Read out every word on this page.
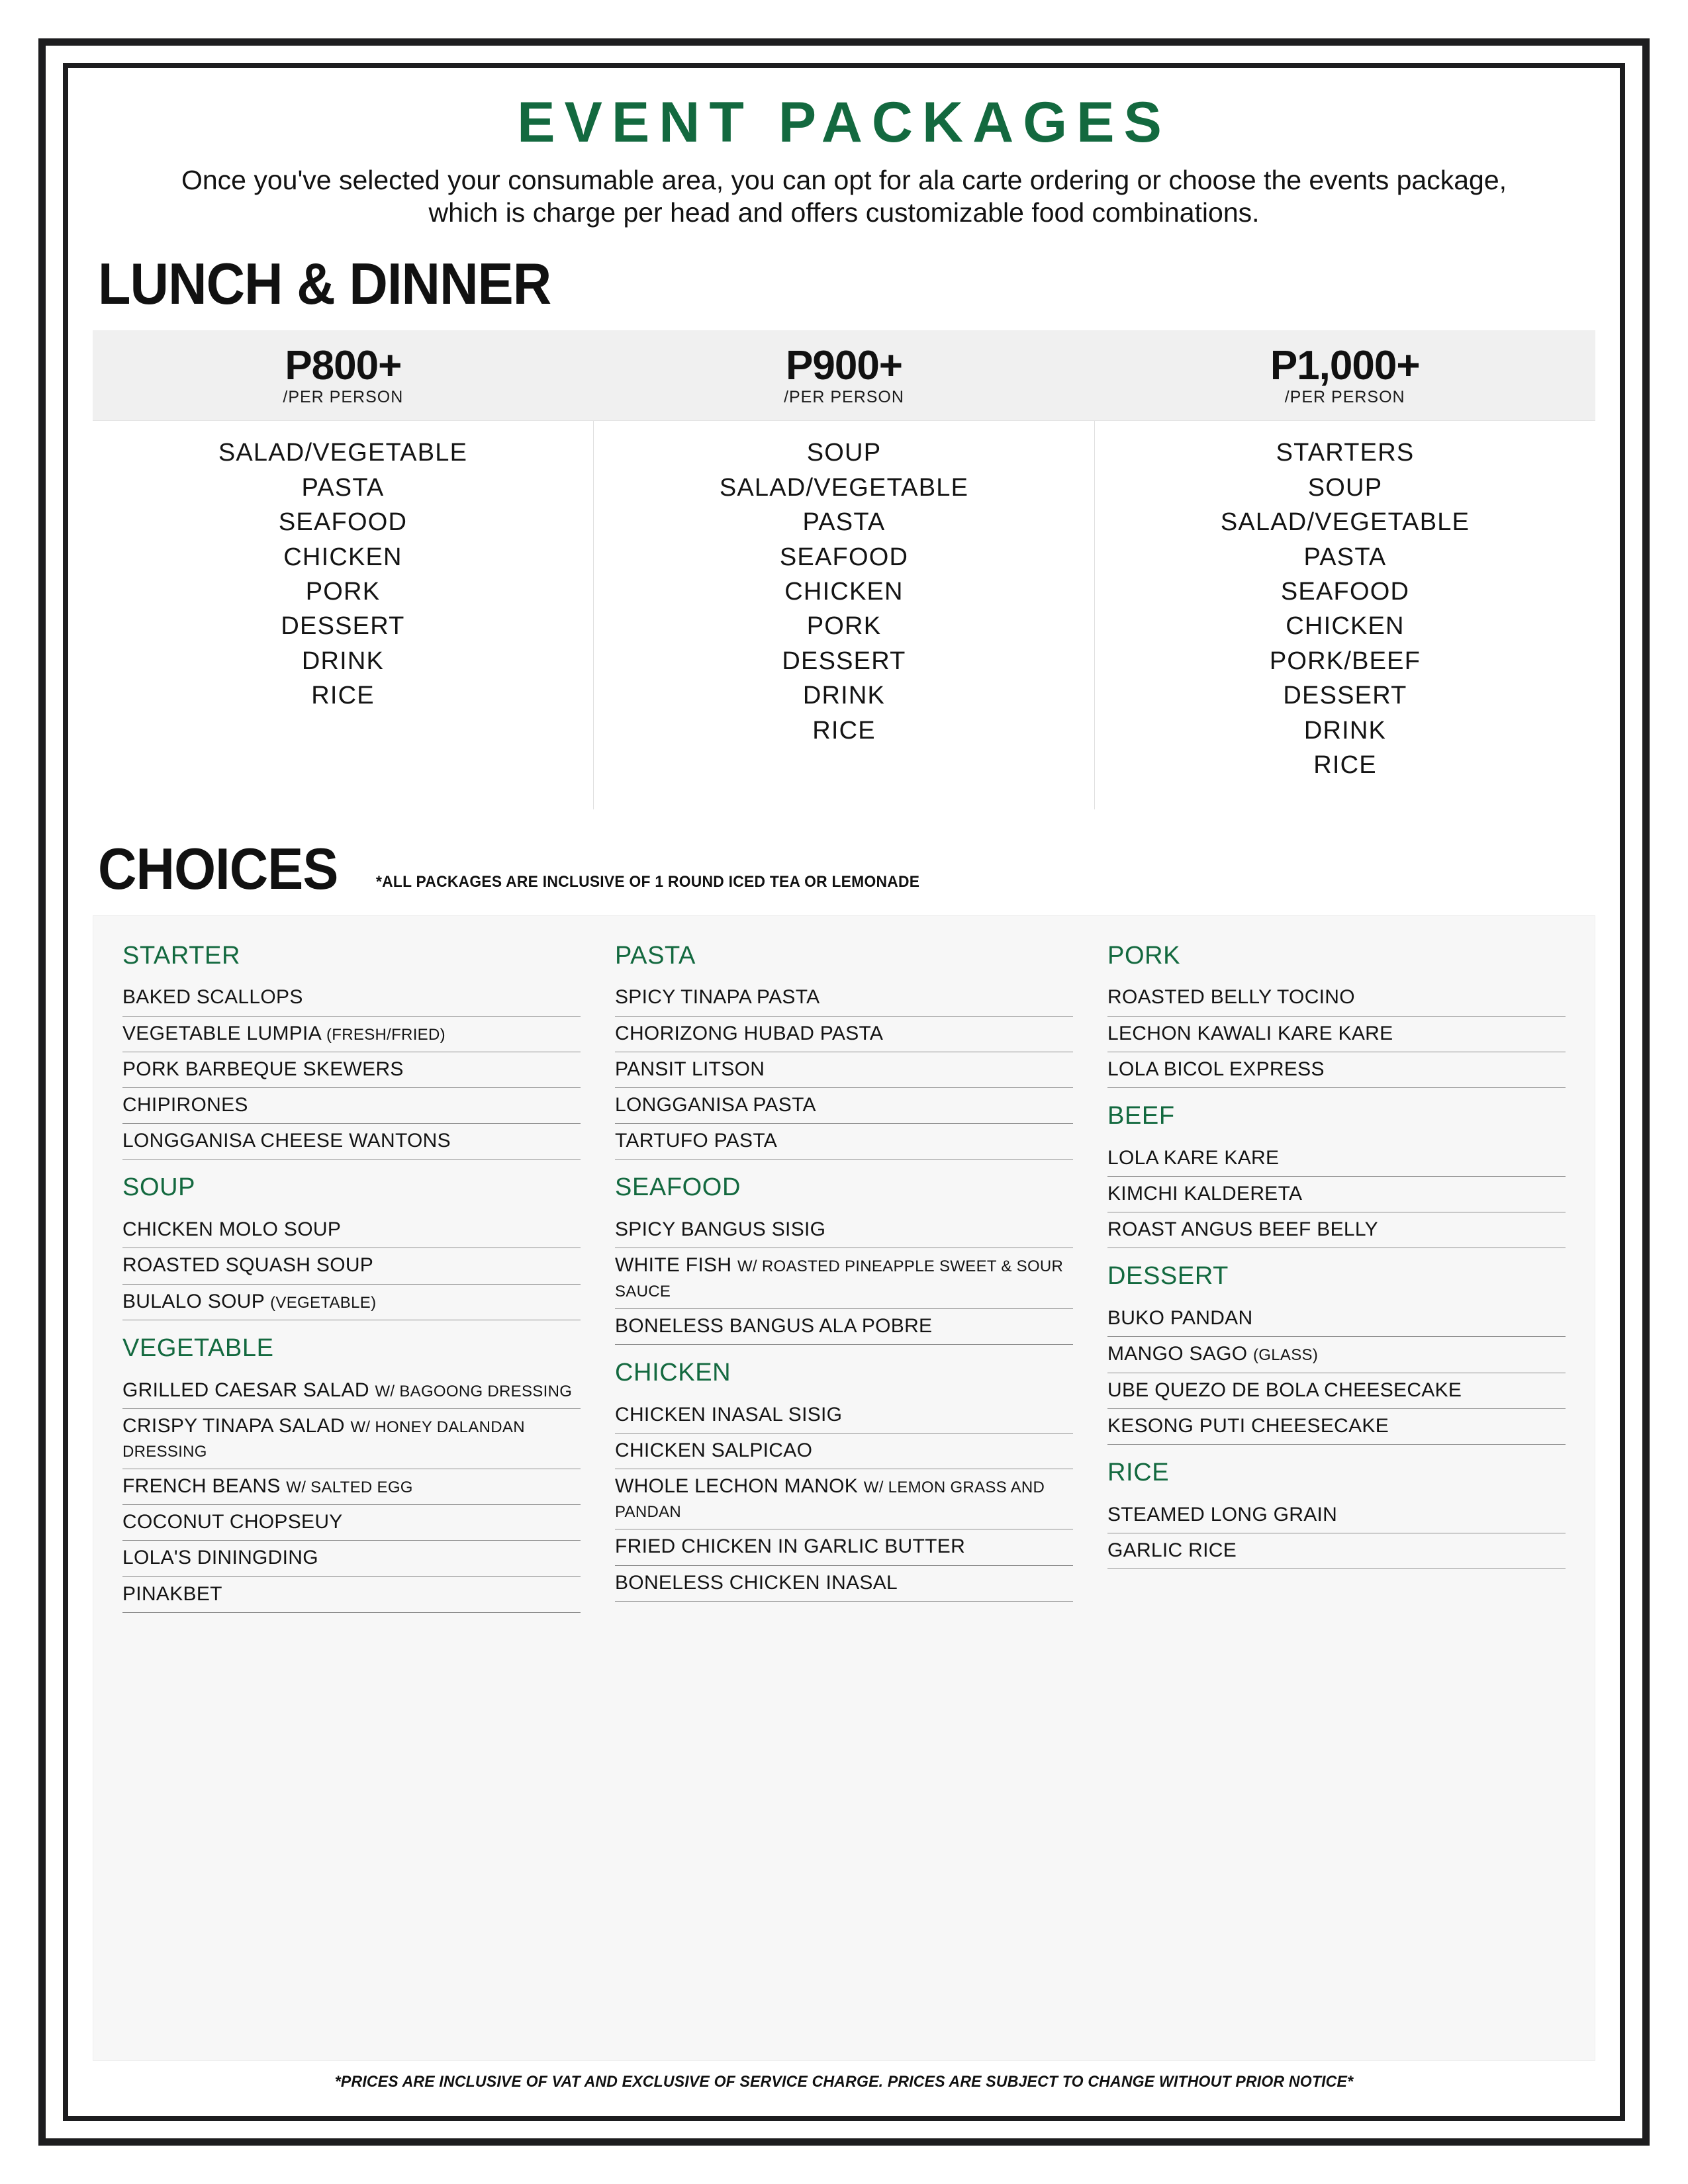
EVENT PACKAGES

Once you've selected your consumable area, you can opt for ala carte ordering or choose the events package, which is charge per head and offers customizable food combinations.

LUNCH & DINNER
P800+
/PER PERSON
P900+
/PER PERSON
P1,000+
/PER PERSON
SALAD/VEGETABLE
PASTA
SEAFOOD
CHICKEN
PORK
DESSERT
DRINK
RICE
SOUP
SALAD/VEGETABLE
PASTA
SEAFOOD
CHICKEN
PORK
DESSERT
DRINK
RICE
STARTERS
SOUP
SALAD/VEGETABLE
PASTA
SEAFOOD
CHICKEN
PORK/BEEF
DESSERT
DRINK
RICE
CHOICES *ALL PACKAGES ARE INCLUSIVE OF 1 ROUND ICED TEA OR LEMONADE
STARTER
BAKED SCALLOPS
VEGETABLE LUMPIA (FRESH/FRIED)
PORK BARBEQUE SKEWERS
CHIPIRONES
LONGGANISA CHEESE WANTONS
SOUP
CHICKEN MOLO SOUP
ROASTED SQUASH SOUP
BULALO SOUP (VEGETABLE)
VEGETABLE
GRILLED CAESAR SALAD W/ BAGOONG DRESSING
CRISPY TINAPA SALAD W/ HONEY DALANDAN DRESSING
FRENCH BEANS W/ SALTED EGG
COCONUT CHOPSEUY
LOLA'S DININGDING
PINAKBET
PASTA
SPICY TINAPA PASTA
CHORIZONG HUBAD PASTA
PANSIT LITSON
LONGGANISA PASTA
TARTUFO PASTA
SEAFOOD
SPICY BANGUS SISIG
WHITE FISH W/ ROASTED PINEAPPLE SWEET & SOUR SAUCE
BONELESS BANGUS ALA POBRE
CHICKEN
CHICKEN INASAL SISIG
CHICKEN SALPICAO
WHOLE LECHON MANOK W/ LEMON GRASS AND PANDAN
FRIED CHICKEN IN GARLIC BUTTER
BONELESS CHICKEN INASAL
PORK
ROASTED BELLY TOCINO
LECHON KAWALI KARE KARE
LOLA BICOL EXPRESS
BEEF
LOLA KARE KARE
KIMCHI KALDERETA
ROAST ANGUS BEEF BELLY
DESSERT
BUKO PANDAN
MANGO SAGO (GLASS)
UBE QUEZO DE BOLA CHEESECAKE
KESONG PUTI CHEESECAKE
RICE
STEAMED LONG GRAIN
GARLIC RICE
*PRICES ARE INCLUSIVE OF VAT AND EXCLUSIVE OF SERVICE CHARGE. PRICES ARE SUBJECT TO CHANGE WITHOUT PRIOR NOTICE*
